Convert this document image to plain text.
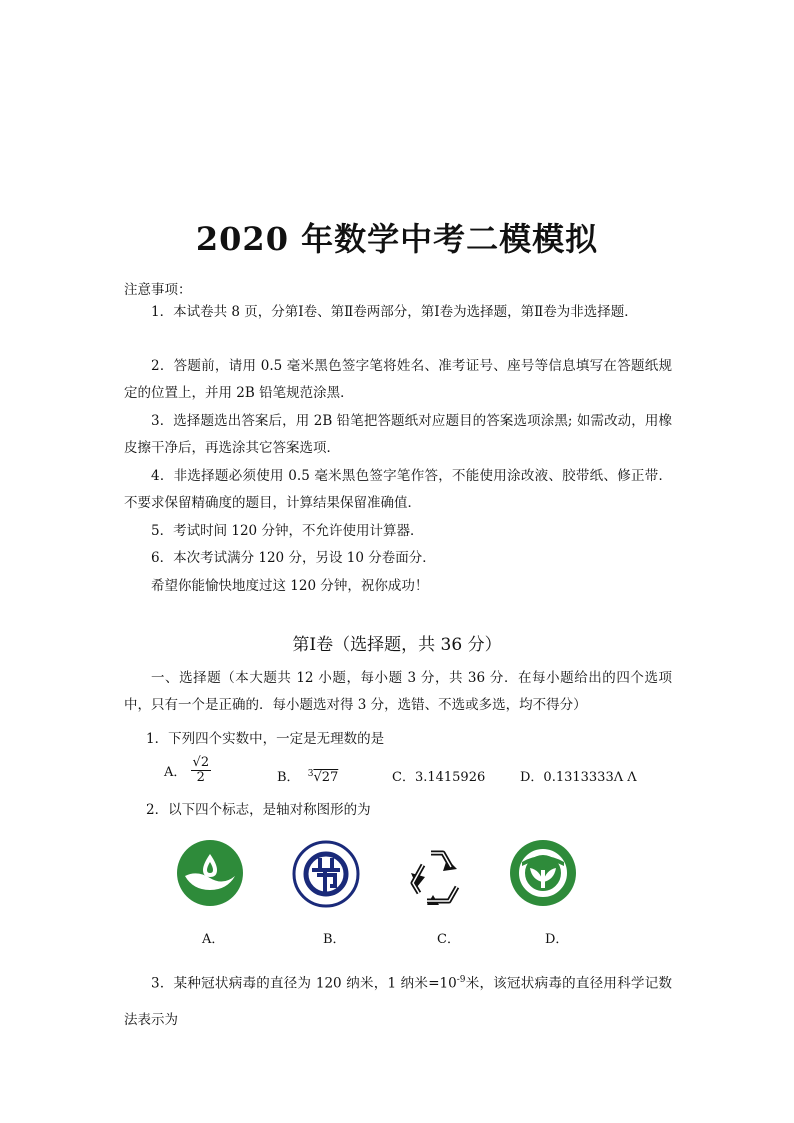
2020 年数学中考二模模拟
注意事项：
1．本试卷共 8 页，分第Ⅰ卷、第Ⅱ卷两部分，第Ⅰ卷为选择题，第Ⅱ卷为非选择题．
2．答题前，请用 0.5 毫米黑色签字笔将姓名、准考证号、座号等信息填写在答题纸规定的位置上，并用 2B 铅笔规范涂黑．
3．选择题选出答案后，用 2B 铅笔把答题纸对应题目的答案选项涂黑; 如需改动，用橡皮擦干净后，再选涂其它答案选项．
4．非选择题必须使用 0.5 毫米黑色签字笔作答，不能使用涂改液、胶带纸、修正带．不要求保留精确度的题目，计算结果保留准确值．
5．考试时间 120 分钟，不允许使用计算器．
6．本次考试满分 120 分，另设 10 分卷面分．
希望你能愉快地度过这 120 分钟，祝你成功！
第Ⅰ卷（选择题，共 36 分）
一、选择题（本大题共 12 小题，每小题 3 分，共 36 分．在每小题给出的四个选项中，只有一个是正确的．每小题选对得 3 分，选错、不选或多选，均不得分）
1．下列四个实数中，一定是无理数的是
A． $\frac{√2}{2}$	B． $^3$√27	C．3.1415926	D．0.1313333Λ Λ
2．以下四个标志，是轴对称图形的为
A．	B．	C．	D．
3．某种冠状病毒的直径为 120 纳米，1 纳米$=10^{-9}$米，该冠状病毒的直径用科学记数法表示为
